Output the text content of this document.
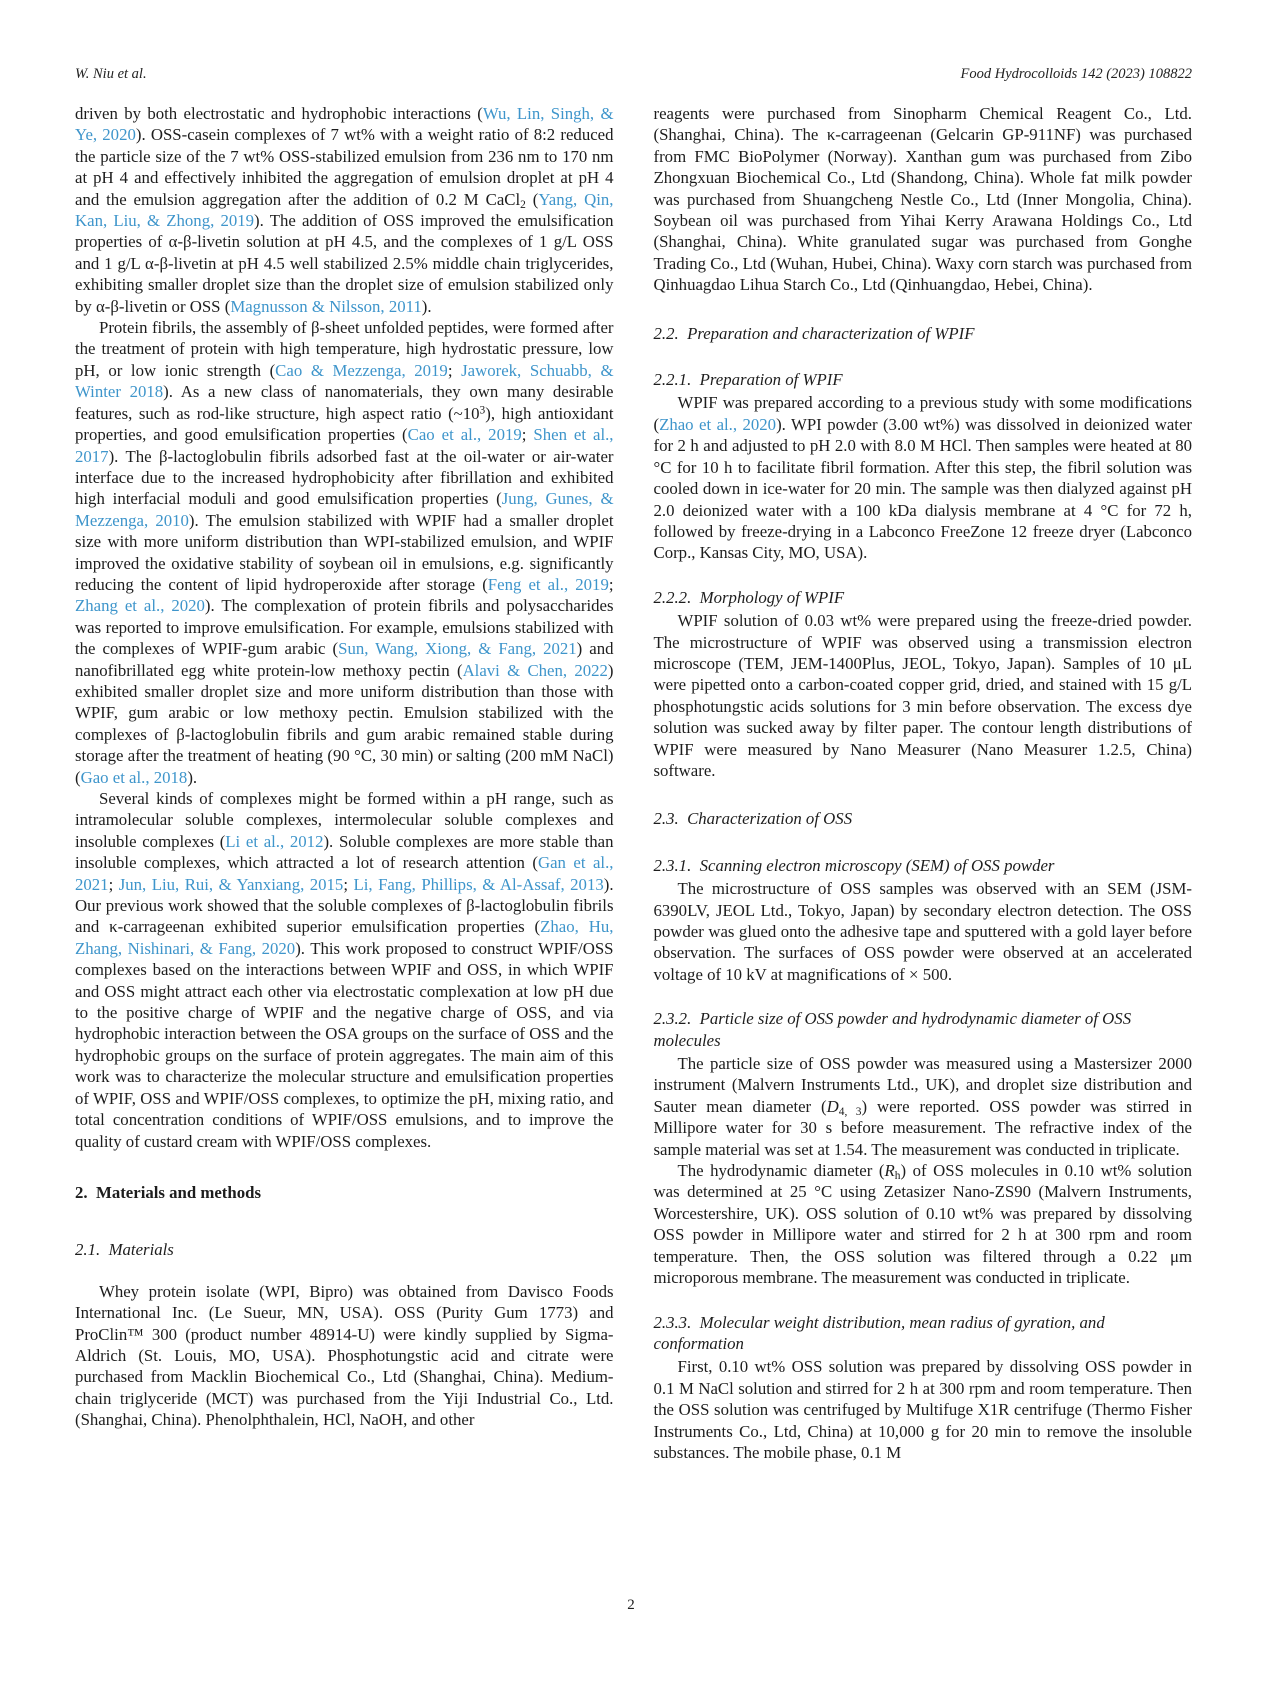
W. Niu et al.	Food Hydrocolloids 142 (2023) 108822

driven by both electrostatic and hydrophobic interactions (Wu, Lin, Singh, & Ye, 2020). OSS-casein complexes of 7 wt% with a weight ratio of 8:2 reduced the particle size of the 7 wt% OSS-stabilized emulsion from 236 nm to 170 nm at pH 4 and effectively inhibited the aggregation of emulsion droplet at pH 4 and the emulsion aggregation after the addition of 0.2 M CaCl$_2$ (Yang, Qin, Kan, Liu, & Zhong, 2019). The addition of OSS improved the emulsification properties of α-β-livetin solution at pH 4.5, and the complexes of 1 g/L OSS and 1 g/L α-β-livetin at pH 4.5 well stabilized 2.5% middle chain triglycerides, exhibiting smaller droplet size than the droplet size of emulsion stabilized only by α-β-livetin or OSS (Magnusson & Nilsson, 2011).

Protein fibrils, the assembly of β-sheet unfolded peptides, were formed after the treatment of protein with high temperature, high hydrostatic pressure, low pH, or low ionic strength (Cao & Mezzenga, 2019; Jaworek, Schuabb, & Winter 2018). As a new class of nanomaterials, they own many desirable features, such as rod-like structure, high aspect ratio $(\sim 10^3)$, high antioxidant properties, and good emulsification properties (Cao et al., 2019; Shen et al., 2017). The β-lactoglobulin fibrils adsorbed fast at the oil-water or air-water interface due to the increased hydrophobicity after fibrillation and exhibited high interfacial moduli and good emulsification properties (Jung, Gunes, & Mezzenga, 2010). The emulsion stabilized with WPIF had a smaller droplet size with more uniform distribution than WPI-stabilized emulsion, and WPIF improved the oxidative stability of soybean oil in emulsions, e.g. significantly reducing the content of lipid hydroperoxide after storage (Feng et al., 2019; Zhang et al., 2020). The complexation of protein fibrils and polysaccharides was reported to improve emulsification. For example, emulsions stabilized with the complexes of WPIF-gum arabic (Sun, Wang, Xiong, & Fang, 2021) and nanofibrillated egg white protein-low methoxy pectin (Alavi & Chen, 2022) exhibited smaller droplet size and more uniform distribution than those with WPIF, gum arabic or low methoxy pectin. Emulsion stabilized with the complexes of β-lactoglobulin fibrils and gum arabic remained stable during storage after the treatment of heating (90 °C, 30 min) or salting (200 mM NaCl) (Gao et al., 2018).

Several kinds of complexes might be formed within a pH range, such as intramolecular soluble complexes, intermolecular soluble complexes and insoluble complexes (Li et al., 2012). Soluble complexes are more stable than insoluble complexes, which attracted a lot of research attention (Gan et al., 2021; Jun, Liu, Rui, & Yanxiang, 2015; Li, Fang, Phillips, & Al-Assaf, 2013). Our previous work showed that the soluble complexes of β-lactoglobulin fibrils and κ-carrageenan exhibited superior emulsification properties (Zhao, Hu, Zhang, Nishinari, & Fang, 2020). This work proposed to construct WPIF/OSS complexes based on the interactions between WPIF and OSS, in which WPIF and OSS might attract each other via electrostatic complexation at low pH due to the positive charge of WPIF and the negative charge of OSS, and via hydrophobic interaction between the OSA groups on the surface of OSS and the hydrophobic groups on the surface of protein aggregates. The main aim of this work was to characterize the molecular structure and emulsification properties of WPIF, OSS and WPIF/OSS complexes, to optimize the pH, mixing ratio, and total concentration conditions of WPIF/OSS emulsions, and to improve the quality of custard cream with WPIF/OSS complexes.

2. Materials and methods
2.1. Materials

Whey protein isolate (WPI, Bipro) was obtained from Davisco Foods International Inc. (Le Sueur, MN, USA). OSS (Purity Gum 1773) and ProClin™ 300 (product number 48914-U) were kindly supplied by Sigma-Aldrich (St. Louis, MO, USA). Phosphotungstic acid and citrate were purchased from Macklin Biochemical Co., Ltd (Shanghai, China). Medium-chain triglyceride (MCT) was purchased from the Yiji Industrial Co., Ltd. (Shanghai, China). Phenolphthalein, HCl, NaOH, and other

reagents were purchased from Sinopharm Chemical Reagent Co., Ltd. (Shanghai, China). The κ-carrageenan (Gelcarin GP-911NF) was purchased from FMC BioPolymer (Norway). Xanthan gum was purchased from Zibo Zhongxuan Biochemical Co., Ltd (Shandong, China). Whole fat milk powder was purchased from Shuangcheng Nestle Co., Ltd (Inner Mongolia, China). Soybean oil was purchased from Yihai Kerry Arawana Holdings Co., Ltd (Shanghai, China). White granulated sugar was purchased from Gonghe Trading Co., Ltd (Wuhan, Hubei, China). Waxy corn starch was purchased from Qinhuagdao Lihua Starch Co., Ltd (Qinhuangdao, Hebei, China).

2.2. Preparation and characterization of WPIF
2.2.1. Preparation of WPIF

WPIF was prepared according to a previous study with some modifications (Zhao et al., 2020). WPI powder (3.00 wt%) was dissolved in deionized water for 2 h and adjusted to pH 2.0 with 8.0 M HCl. Then samples were heated at 80 °C for 10 h to facilitate fibril formation. After this step, the fibril solution was cooled down in ice-water for 20 min. The sample was then dialyzed against pH 2.0 deionized water with a 100 kDa dialysis membrane at 4 °C for 72 h, followed by freeze-drying in a Labconco FreeZone 12 freeze dryer (Labconco Corp., Kansas City, MO, USA).

2.2.2. Morphology of WPIF

WPIF solution of 0.03 wt% were prepared using the freeze-dried powder. The microstructure of WPIF was observed using a transmission electron microscope (TEM, JEM-1400Plus, JEOL, Tokyo, Japan). Samples of 10 μL were pipetted onto a carbon-coated copper grid, dried, and stained with 15 g/L phosphotungstic acids solutions for 3 min before observation. The excess dye solution was sucked away by filter paper. The contour length distributions of WPIF were measured by Nano Measurer (Nano Measurer 1.2.5, China) software.

2.3. Characterization of OSS
2.3.1. Scanning electron microscopy (SEM) of OSS powder

The microstructure of OSS samples was observed with an SEM (JSM-6390LV, JEOL Ltd., Tokyo, Japan) by secondary electron detection. The OSS powder was glued onto the adhesive tape and sputtered with a gold layer before observation. The surfaces of OSS powder were observed at an accelerated voltage of 10 kV at magnifications of × 500.

2.3.2. Particle size of OSS powder and hydrodynamic diameter of OSS molecules

The particle size of OSS powder was measured using a Mastersizer 2000 instrument (Malvern Instruments Ltd., UK), and droplet size distribution and Sauter mean diameter $(D_{4, 3})$ were reported. OSS powder was stirred in Millipore water for 30 s before measurement. The refractive index of the sample material was set at 1.54. The measurement was conducted in triplicate.

The hydrodynamic diameter $(R_h)$ of OSS molecules in 0.10 wt% solution was determined at 25 °C using Zetasizer Nano-ZS90 (Malvern Instruments, Worcestershire, UK). OSS solution of 0.10 wt% was prepared by dissolving OSS powder in Millipore water and stirred for 2 h at 300 rpm and room temperature. Then, the OSS solution was filtered through a 0.22 μm microporous membrane. The measurement was conducted in triplicate.

2.3.3. Molecular weight distribution, mean radius of gyration, and conformation

First, 0.10 wt% OSS solution was prepared by dissolving OSS powder in 0.1 M NaCl solution and stirred for 2 h at 300 rpm and room temperature. Then the OSS solution was centrifuged by Multifuge X1R centrifuge (Thermo Fisher Instruments Co., Ltd, China) at 10,000 g for 20 min to remove the insoluble substances. The mobile phase, 0.1 M

2
